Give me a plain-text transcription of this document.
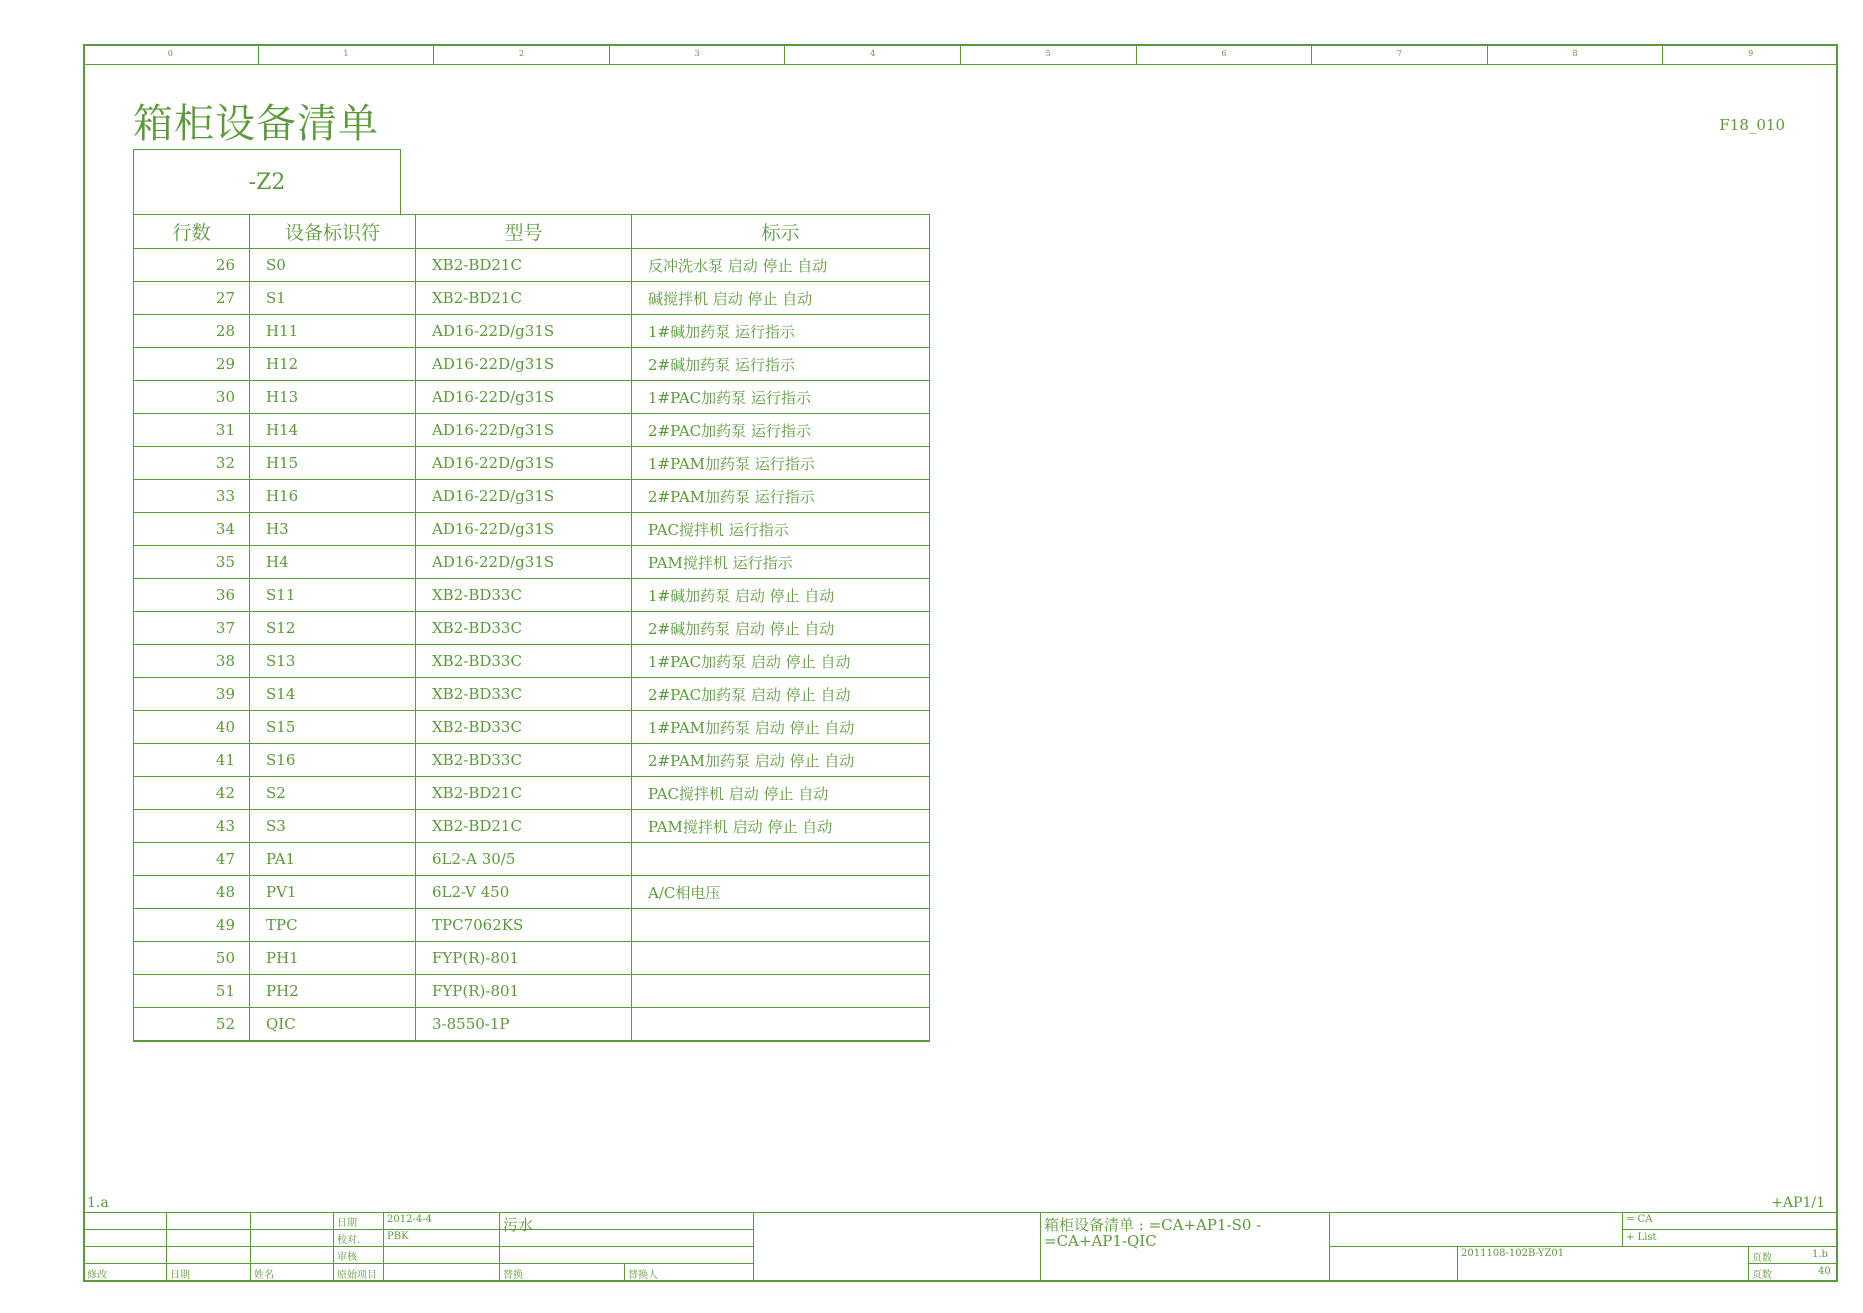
0	1	2	3	4	5	6	7	8	9
箱柜设备清单	F18_010
-Z2
行数	设备标识符	型号	标示
26	S0	XB2-BD21C	反冲洗水泵 启动 停止 自动
27	S1	XB2-BD21C	碱搅拌机 启动 停止 自动
28	H11	AD16-22D/g31S	1#碱加药泵 运行指示
29	H12	AD16-22D/g31S	2#碱加药泵 运行指示
30	H13	AD16-22D/g31S	1#PAC加药泵 运行指示
31	H14	AD16-22D/g31S	2#PAC加药泵 运行指示
32	H15	AD16-22D/g31S	1#PAM加药泵 运行指示
33	H16	AD16-22D/g31S	2#PAM加药泵 运行指示
34	H3	AD16-22D/g31S	PAC搅拌机 运行指示
35	H4	AD16-22D/g31S	PAM搅拌机 运行指示
36	S11	XB2-BD33C	1#碱加药泵 启动 停止 自动
37	S12	XB2-BD33C	2#碱加药泵 启动 停止 自动
38	S13	XB2-BD33C	1#PAC加药泵 启动 停止 自动
39	S14	XB2-BD33C	2#PAC加药泵 启动 停止 自动
40	S15	XB2-BD33C	1#PAM加药泵 启动 停止 自动
41	S16	XB2-BD33C	2#PAM加药泵 启动 停止 自动
42	S2	XB2-BD21C	PAC搅拌机 启动 停止 自动
43	S3	XB2-BD21C	PAM搅拌机 启动 停止 自动
47	PA1	6L2-A 30/5	
48	PV1	6L2-V 450	A/C相电压
49	TPC	TPC7062KS	
50	PH1	FYP(R)-801	
51	PH2	FYP(R)-801	
52	QIC	3-8550-1P	
1.a	+AP1/1
日期	2012-4-4
校对.	PBK
审核
原始项目
修改	日期	姓名	替换	替换人
污水	箱柜设备清单 : =CA+AP1-S0 -
=CA+AP1-QIC
= CA
+ List
2011108-102B-YZ01	页数	1.b
页数	40
